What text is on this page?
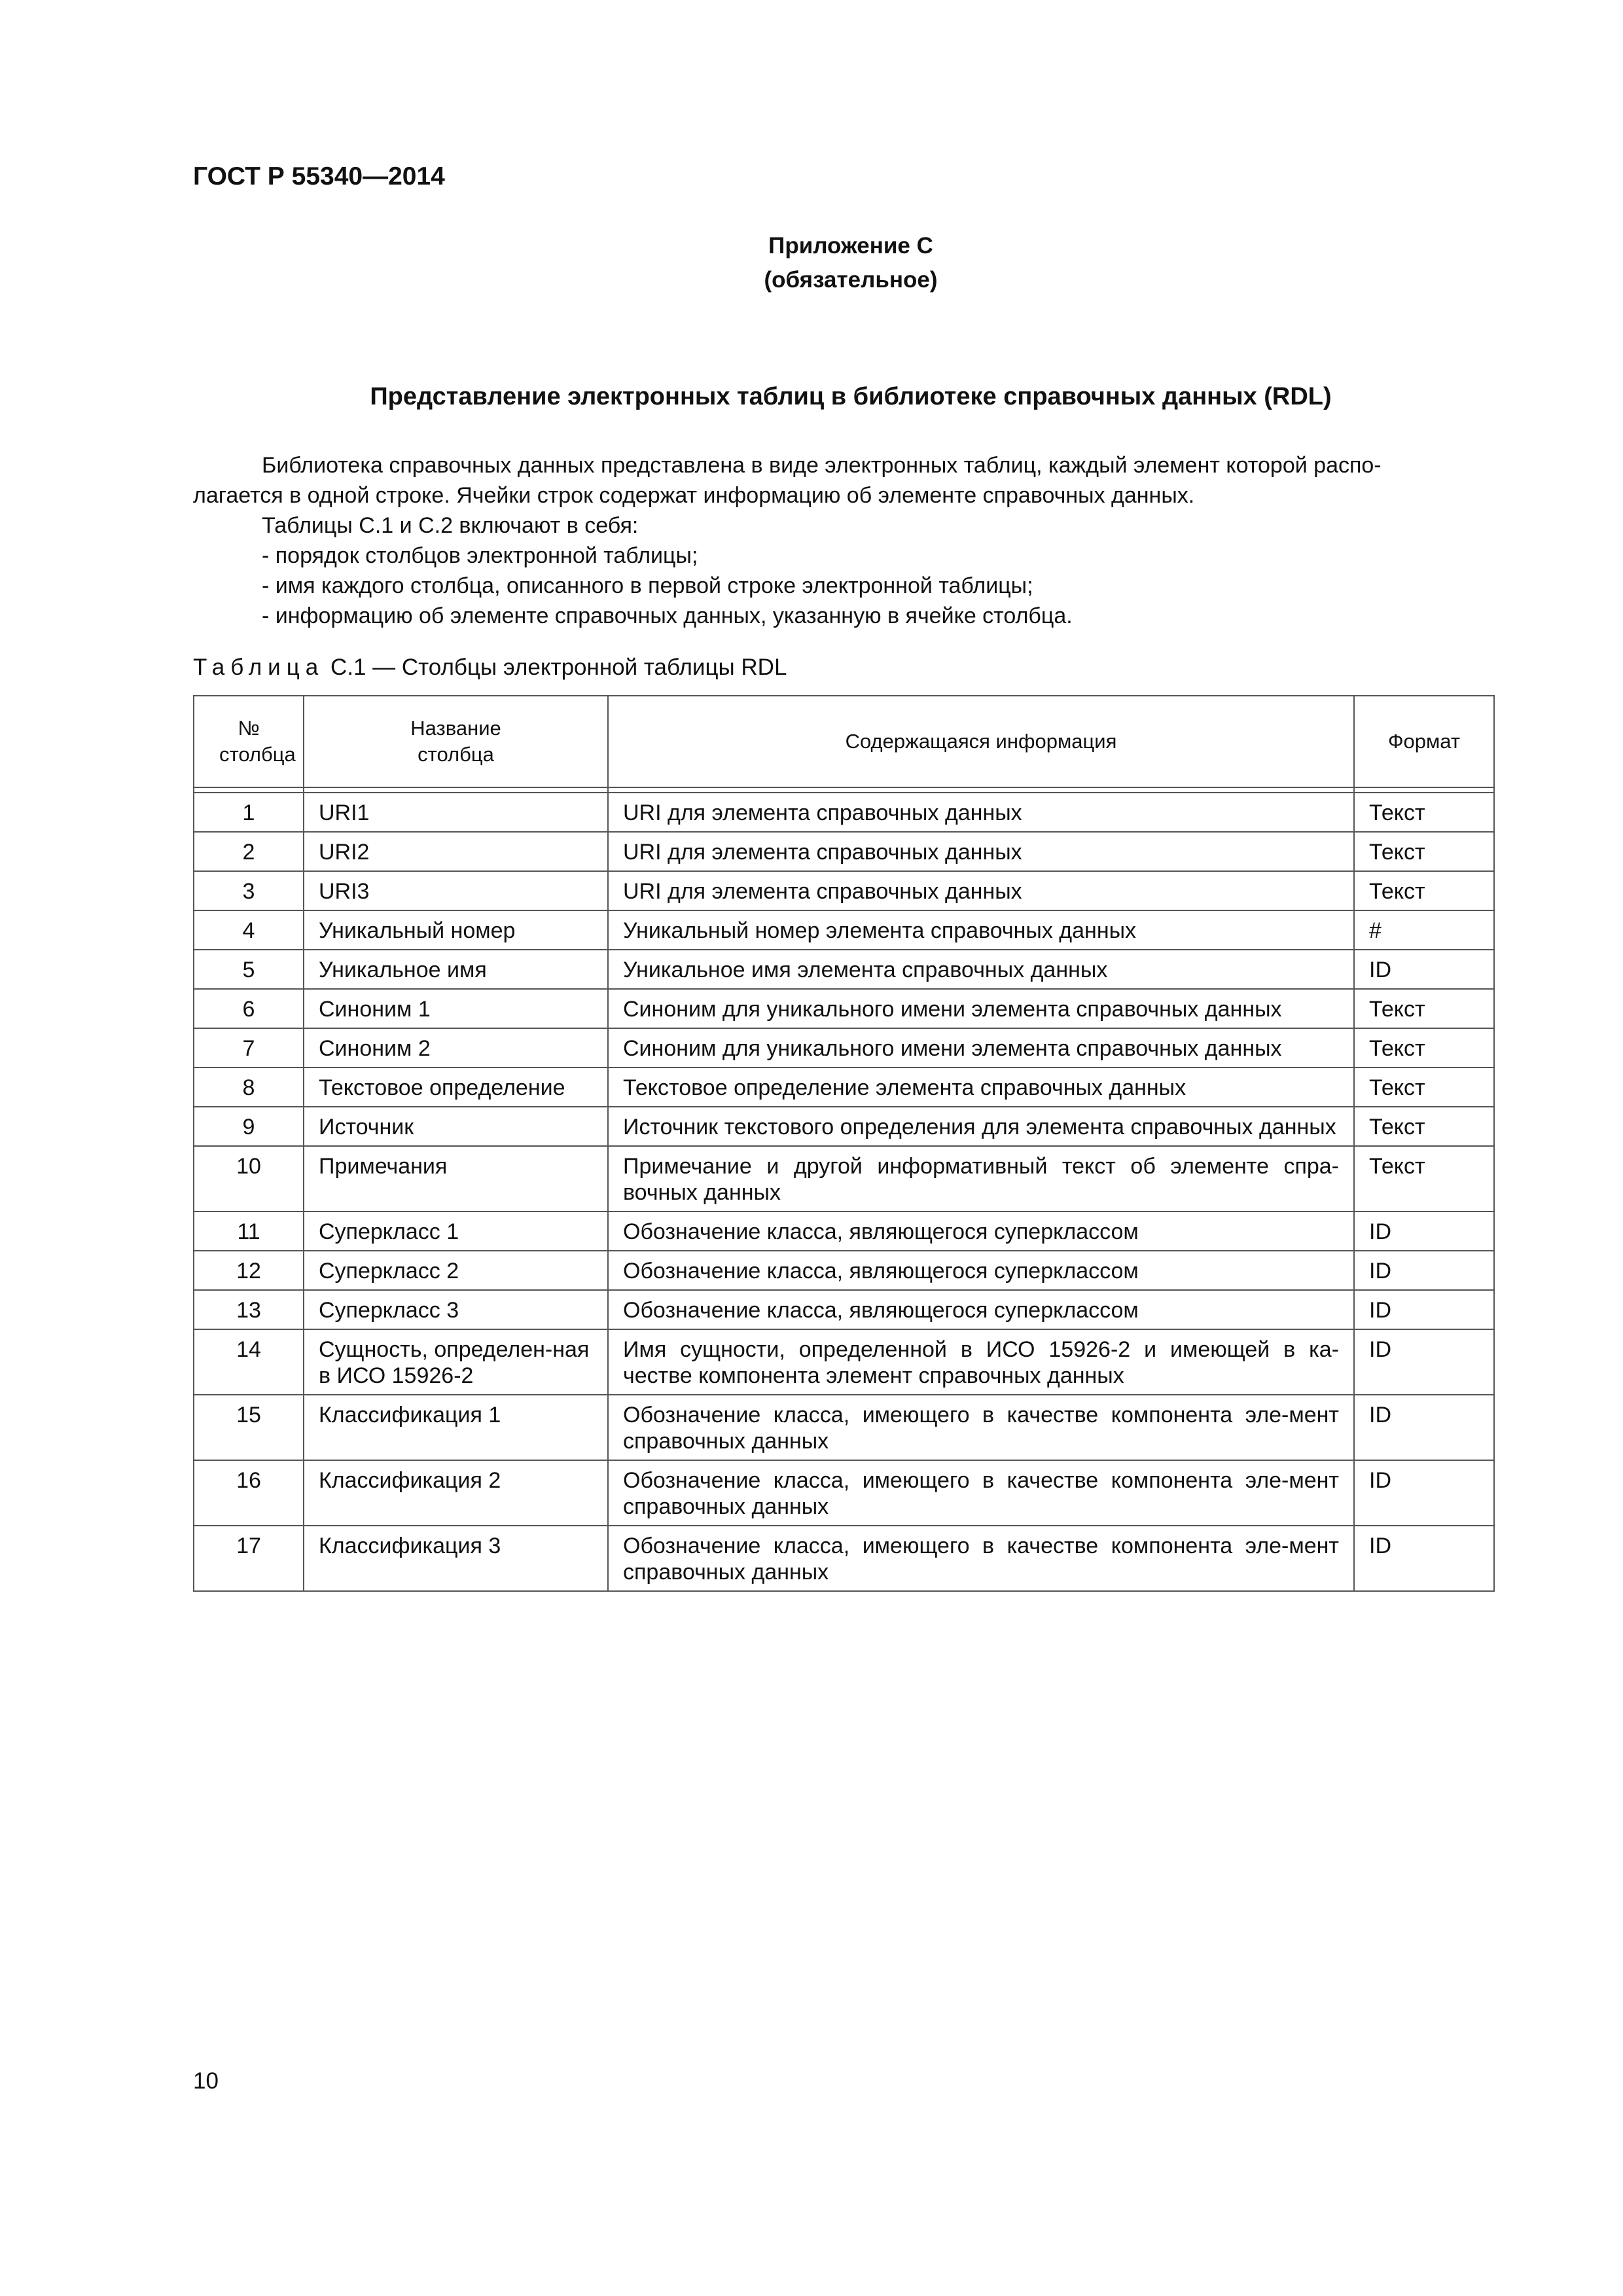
ГОСТ Р 55340—2014
Приложение С
(обязательное)
Представление электронных таблиц в библиотеке справочных данных (RDL)

Библиотека справочных данных представлена в виде электронных таблиц, каждый элемент которой распо-

лагается в одной строке. Ячейки строк содержат информацию об элементе справочных данных.

Таблицы С.1 и С.2 включают в себя:

- порядок столбцов электронной таблицы;
- имя каждого столбца, описанного в первой строке электронной таблицы;
- информацию об элементе справочных данных, указанную в ячейке столбца.
Таблица С.1 — Столбцы электронной таблицы RDL
№ столбца	Название столбца	Содержащаяся информация	Формат

1	URI1	URI для элемента справочных данных	Текст
2	URI2	URI для элемента справочных данных	Текст
3	URI3	URI для элемента справочных данных	Текст
4	Уникальный номер	Уникальный номер элемента справочных данных	#
5	Уникальное имя	Уникальное имя элемента справочных данных	ID
6	Синоним 1	Синоним для уникального имени элемента справочных данных	Текст
7	Синоним 2	Синоним для уникального имени элемента справочных данных	Текст
8	Текстовое определение	Текстовое определение элемента справочных данных	Текст
9	Источник	Источник текстового определения для элемента справочных данных	Текст
10	Примечания	Примечание и другой информативный текст об элементе спра-вочных данных	Текст
11	Суперкласс 1	Обозначение класса, являющегося суперклассом	ID
12	Суперкласс 2	Обозначение класса, являющегося суперклассом	ID
13	Суперкласс 3	Обозначение класса, являющегося суперклассом	ID
14	Сущность, определен-ная в ИСО 15926-2	Имя сущности, определенной в ИСО 15926-2 и имеющей в ка-честве компонента элемент справочных данных	ID
15	Классификация 1	Обозначение класса, имеющего в качестве компонента эле-мент справочных данных	ID
16	Классификация 2	Обозначение класса, имеющего в качестве компонента эле-мент справочных данных	ID
17	Классификация 3	Обозначение класса, имеющего в качестве компонента эле-мент справочных данных	ID
10
